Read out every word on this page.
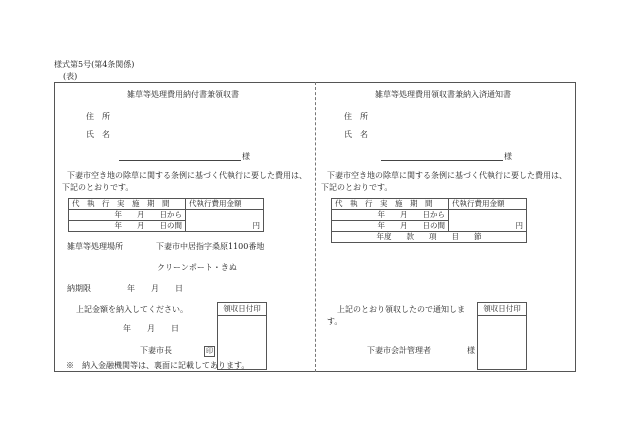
様式第5号(第4条関係)
(表)
雑草等処理費用納付書兼領収書
住　所
氏　名
様
下妻市空き地の除草に関する条例に基づく代執行に要した費用は、
下記のとおりです。
代　執　行　実　施　期　間	代執行費用金額
年　　月　　日から	円
年　　月　　日の間	
雑草等処理場所	下妻市中居指字桑原1100番地
クリーンポート・きぬ
納期限	年　　月　　日
上記金額を納入してください。
年　　月　　日
下妻市長	印
領収日付印
※　納入金融機関等は、裏面に記載してあります。
雑草等処理費用領収書兼納入済通知書
住　所
氏　名
様
下妻市空き地の除草に関する条例に基づく代執行に要した費用は、
下記のとおりです。
代　執　行　実　施　期　間	代執行費用金額
年　　月　　日から	円
年　　月　　日の間	
年度　　款　　項　　目　　節	
上記のとおり領収したので通知しま
す。
領収日付印
下妻市会計管理者	様
